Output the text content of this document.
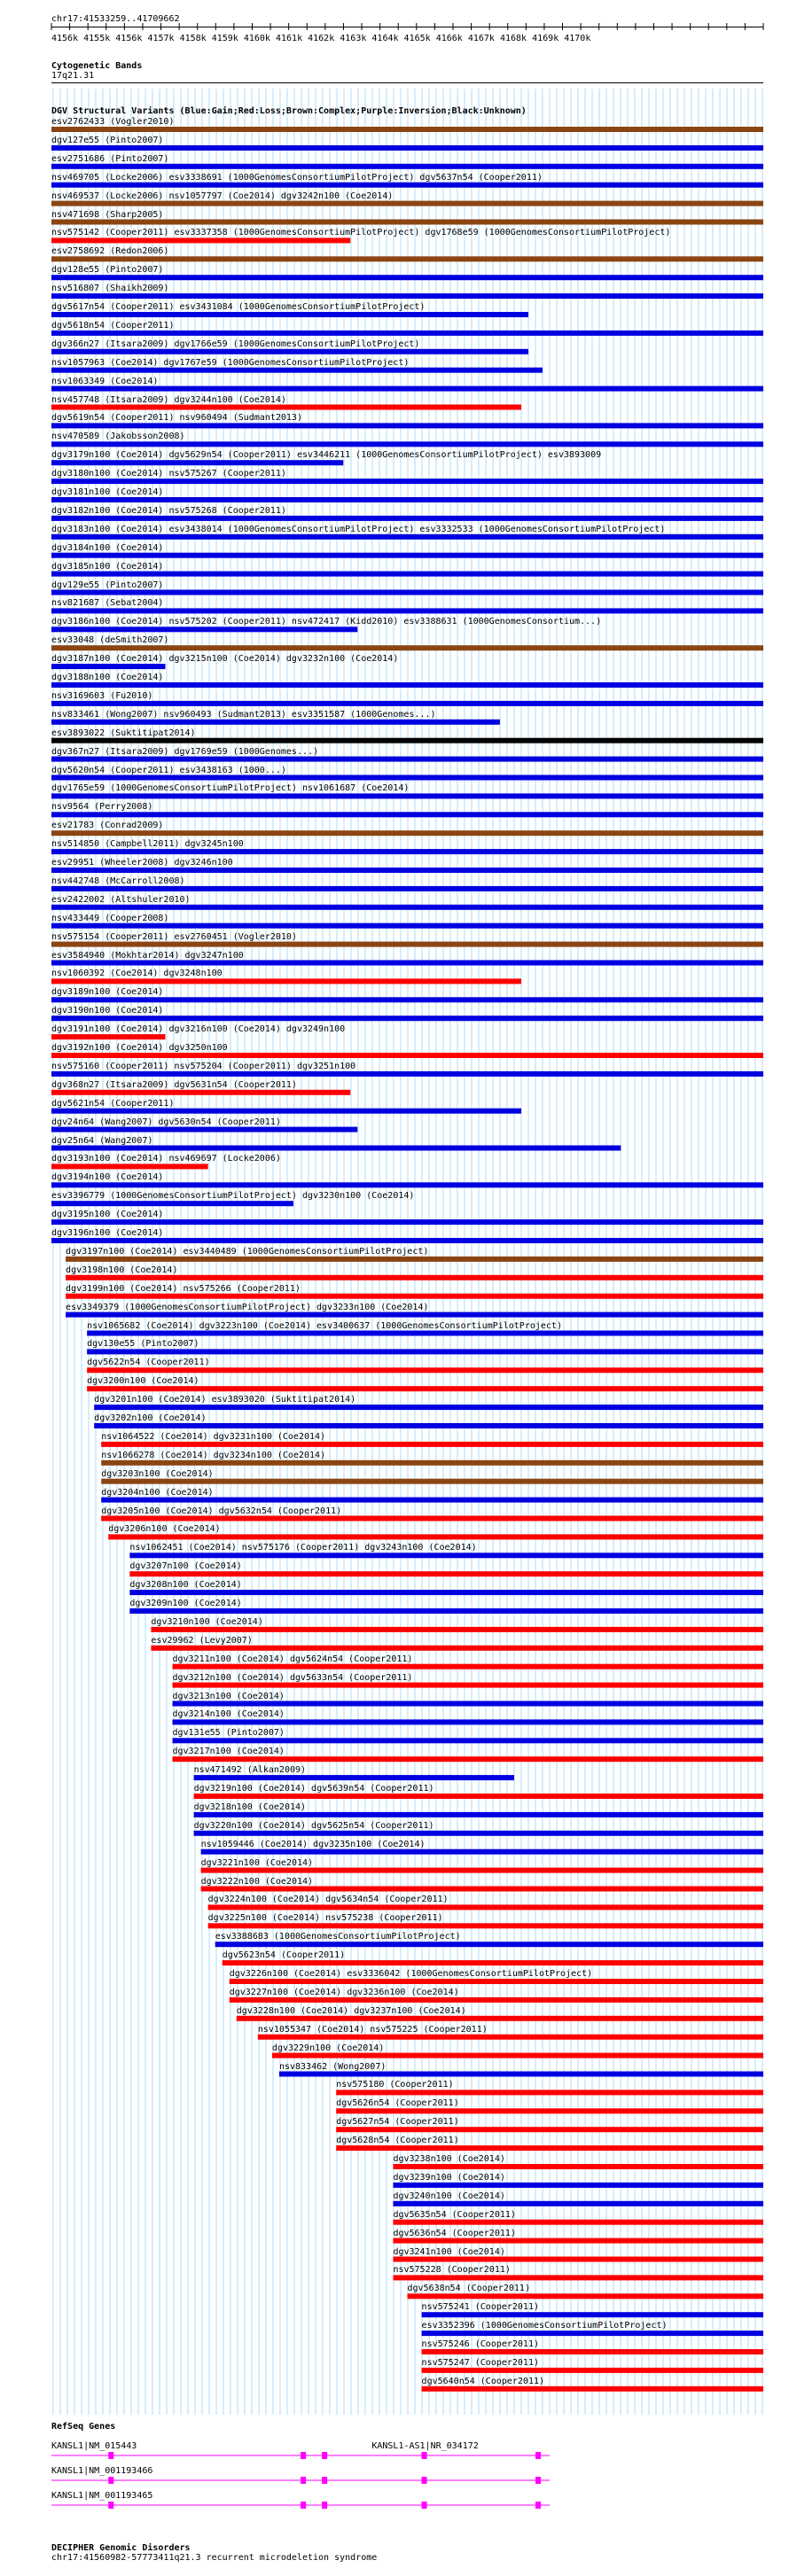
chr17:41533259..41709662
4156k 4155k 4156k 4157k 4158k 4159k 4160k 4161k 4162k 4163k 4164k 4165k 4166k 4167k 4168k 4169k 4170k
Cytogenetic Bands
17q21.31
DGV Structural Variants (Blue:Gain;Red:Loss;Brown:Complex;Purple:Inversion;Black:Unknown)
esv2762433 (Vogler2010)
dgv127e55 (Pinto2007)
esv2751686 (Pinto2007)
nsv469705 (Locke2006) esv3338691 (1000GenomesConsortiumPilotProject) dgv5637n54 (Cooper2011)
nsv469537 (Locke2006) nsv1057797 (Coe2014) dgv3242n100 (Coe2014)
nsv471698 (Sharp2005)
nsv575142 (Cooper2011) esv3337358 (1000GenomesConsortiumPilotProject) dgv1768e59 (1000GenomesConsortiumPilotProject)
esv2758692 (Redon2006)
dgv128e55 (Pinto2007)
nsv516807 (Shaikh2009)
dgv5617n54 (Cooper2011) esv3431084 (1000GenomesConsortiumPilotProject)
dgv5618n54 (Cooper2011)
dgv366n27 (Itsara2009) dgv1766e59 (1000GenomesConsortiumPilotProject)
nsv1057963 (Coe2014) dgv1767e59 (1000GenomesConsortiumPilotProject)
nsv1063349 (Coe2014)
nsv457748 (Itsara2009) dgv3244n100 (Coe2014)
dgv5619n54 (Cooper2011) nsv960494 (Sudmant2013)
nsv470589 (Jakobsson2008)
dgv3179n100 (Coe2014) dgv5629n54 (Cooper2011) esv3446211 (1000GenomesConsortiumPilotProject) esv3893009
dgv3180n100 (Coe2014) nsv575267 (Cooper2011)
dgv3181n100 (Coe2014)
dgv3182n100 (Coe2014) nsv575268 (Cooper2011)
dgv3183n100 (Coe2014) esv3438014 (1000GenomesConsortiumPilotProject) esv3332533 (1000GenomesConsortiumPilotProject)
dgv3184n100 (Coe2014)
dgv3185n100 (Coe2014)
dgv129e55 (Pinto2007)
nsv821687 (Sebat2004)
dgv3186n100 (Coe2014) nsv575202 (Cooper2011) nsv472417 (Kidd2010) esv3388631 (1000GenomesConsortium...)
esv33048 (deSmith2007)
dgv3187n100 (Coe2014) dgv3215n100 (Coe2014) dgv3232n100 (Coe2014)
dgv3188n100 (Coe2014)
nsv3169603 (Fu2010)
nsv833461 (Wong2007) nsv960493 (Sudmant2013) esv3351587 (1000Genomes...)
esv3893022 (Suktitipat2014)
dgv367n27 (Itsara2009) dgv1769e59 (1000Genomes...)
dgv5620n54 (Cooper2011) esv3438163 (1000...)
dgv1765e59 (1000GenomesConsortiumPilotProject) nsv1061687 (Coe2014)
nsv9564 (Perry2008)
esv21783 (Conrad2009)
nsv514850 (Campbell2011) dgv3245n100
esv29951 (Wheeler2008) dgv3246n100
nsv442748 (McCarroll2008)
esv2422002 (Altshuler2010)
nsv433449 (Cooper2008)
nsv575154 (Cooper2011) esv2760451 (Vogler2010)
esv3584940 (Mokhtar2014) dgv3247n100
nsv1060392 (Coe2014) dgv3248n100
dgv3189n100 (Coe2014)
dgv3190n100 (Coe2014)
dgv3191n100 (Coe2014) dgv3216n100 (Coe2014) dgv3249n100
dgv3192n100 (Coe2014) dgv3250n100
nsv575160 (Cooper2011) nsv575204 (Cooper2011) dgv3251n100
dgv368n27 (Itsara2009) dgv5631n54 (Cooper2011)
dgv5621n54 (Cooper2011)
dgv24n64 (Wang2007) dgv5630n54 (Cooper2011)
dgv25n64 (Wang2007)
dgv3193n100 (Coe2014) nsv469697 (Locke2006)
dgv3194n100 (Coe2014)
esv3396779 (1000GenomesConsortiumPilotProject) dgv3230n100 (Coe2014)
dgv3195n100 (Coe2014)
dgv3196n100 (Coe2014)
dgv3197n100 (Coe2014) esv3440489 (1000GenomesConsortiumPilotProject)
dgv3198n100 (Coe2014)
dgv3199n100 (Coe2014) nsv575266 (Cooper2011)
esv3349379 (1000GenomesConsortiumPilotProject) dgv3233n100 (Coe2014)
nsv1065682 (Coe2014) dgv3223n100 (Coe2014) esv3400637 (1000GenomesConsortiumPilotProject)
dgv130e55 (Pinto2007)
dgv5622n54 (Cooper2011)
dgv3200n100 (Coe2014)
dgv3201n100 (Coe2014) esv3893020 (Suktitipat2014)
dgv3202n100 (Coe2014)
nsv1064522 (Coe2014) dgv3231n100 (Coe2014)
nsv1066278 (Coe2014) dgv3234n100 (Coe2014)
dgv3203n100 (Coe2014)
dgv3204n100 (Coe2014)
dgv3205n100 (Coe2014) dgv5632n54 (Cooper2011)
dgv3206n100 (Coe2014)
nsv1062451 (Coe2014) nsv575176 (Cooper2011) dgv3243n100 (Coe2014)
dgv3207n100 (Coe2014)
dgv3208n100 (Coe2014)
dgv3209n100 (Coe2014)
dgv3210n100 (Coe2014)
esv29962 (Levy2007)
dgv3211n100 (Coe2014) dgv5624n54 (Cooper2011)
dgv3212n100 (Coe2014) dgv5633n54 (Cooper2011)
dgv3213n100 (Coe2014)
dgv3214n100 (Coe2014)
dgv131e55 (Pinto2007)
dgv3217n100 (Coe2014)
nsv471492 (Alkan2009)
dgv3219n100 (Coe2014) dgv5639n54 (Cooper2011)
dgv3218n100 (Coe2014)
dgv3220n100 (Coe2014) dgv5625n54 (Cooper2011)
nsv1059446 (Coe2014) dgv3235n100 (Coe2014)
dgv3221n100 (Coe2014)
dgv3222n100 (Coe2014)
dgv3224n100 (Coe2014) dgv5634n54 (Cooper2011)
dgv3225n100 (Coe2014) nsv575238 (Cooper2011)
esv3388683 (1000GenomesConsortiumPilotProject)
dgv5623n54 (Cooper2011)
dgv3226n100 (Coe2014) esv3336042 (1000GenomesConsortiumPilotProject)
dgv3227n100 (Coe2014) dgv3236n100 (Coe2014)
dgv3228n100 (Coe2014) dgv3237n100 (Coe2014)
nsv1055347 (Coe2014) nsv575225 (Cooper2011)
dgv3229n100 (Coe2014)
nsv833462 (Wong2007)
nsv575180 (Cooper2011)
dgv5626n54 (Cooper2011)
dgv5627n54 (Cooper2011)
dgv5628n54 (Cooper2011)
dgv3238n100 (Coe2014)
dgv3239n100 (Coe2014)
dgv3240n100 (Coe2014)
dgv5635n54 (Cooper2011)
dgv5636n54 (Cooper2011)
dgv3241n100 (Coe2014)
nsv575228 (Cooper2011)
dgv5638n54 (Cooper2011)
nsv575241 (Cooper2011)
esv3352396 (1000GenomesConsortiumPilotProject)
nsv575246 (Cooper2011)
nsv575247 (Cooper2011)
dgv5640n54 (Cooper2011)
RefSeq Genes
KANSL1|NM_015443	KANSL1-AS1|NR_034172
KANSL1|NM_001193466
KANSL1|NM_001193465
DECIPHER Genomic Disorders
chr17:41560982-57773411q21.3 recurrent microdeletion syndrome
